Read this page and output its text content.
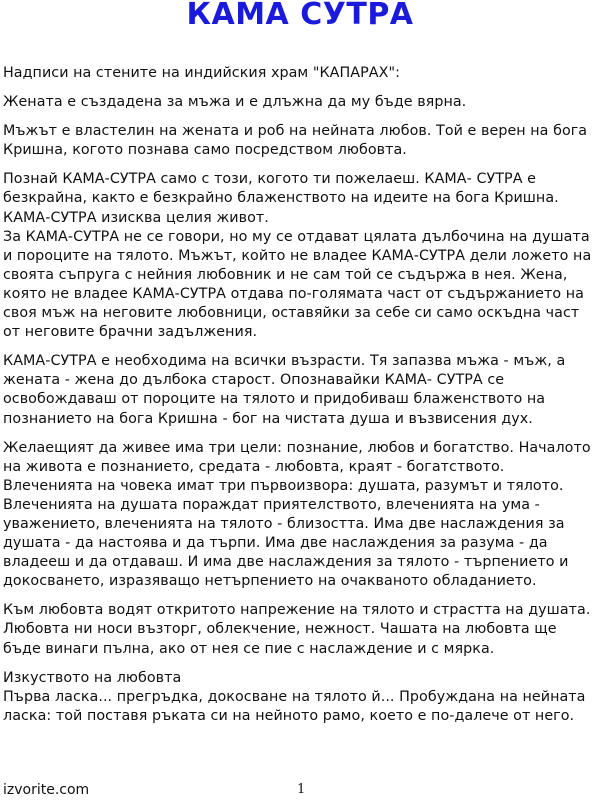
КАМА СУТРА

Надписи на стените на индийския храм "КАПАРАХ":

Жената е създадена за мъжа и е длъжна да му бъде вярна.

Мъжът е властелин на жената и роб на нейната любов. Той е верен на бога Кришна, когото познава само посредством любовта.

Познай КАМА-СУТРА само с този, когото ти пожелаеш. КАМА- СУТРА е безкрайна, както е безкрайно блаженството на идеите на бога Кришна. КАМА-СУТРА изисква целия живот.

За КАМА-СУТРА не се говори, но му се отдават цялата дълбочина на душата и пороците на тялото. Мъжът, който не владее КАМА-СУТРА дели ложето на своята съпруга с нейния любовник и не сам той се съдържа в нея. Жена, която не владее КАМА-СУТРА отдава по-голямата част от съдържанието на своя мъж на неговите любовници, оставяйки за себе си само оскъдна част от неговите брачни задължения.

КАМА-СУТРА е необходима на всички възрасти. Тя запазва мъжа - мъж, а жената - жена до дълбока старост. Опознавайки КАМА- СУТРА се освобождаваш от пороците на тялото и придобиваш блаженството на познанието на бога Кришна - бог на чистата душа и възвисения дух.

Желаещият да живее има три цели: познание, любов и богатство. Началото на живота е познанието, средата - любовта, краят - богатството. Влеченията на човека имат три първоизвора: душата, разумът и тялото. Влеченията на душата пораждат приятелството, влеченията на ума - уважението, влеченията на тялото - близостта. Има две наслаждения за душата - да настоява и да търпи. Има две наслаждения за разума - да владееш и да отдаваш. И има две наслаждения за тялото - търпението и докосването, изразяващо нетърпението на очакваното обладанието.

Към любовта водят откритото напрежение на тялото и страстта на душата. Любовта ни носи възторг, облекчение, нежност. Чашата на любовта ще бъде винаги пълна, ако от нея се пие с наслаждение и с мярка.

Изкуството на любовта

Първа ласка... прегръдка, докосване на тялото й... Пробуждана на нейната ласка: той поставя ръката си на нейното рамо, което е по-далече от него.

izvorite.com	1
